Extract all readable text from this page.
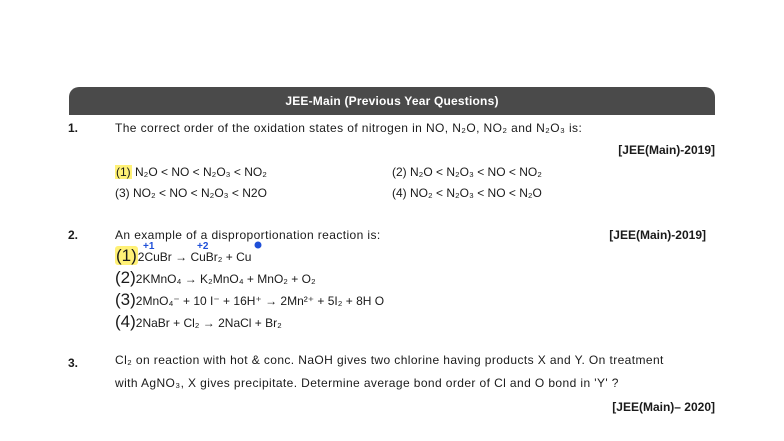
JEE-Main (Previous Year Questions)
1.	The correct order of the oxidation states of nitrogen in NO, N₂O, NO₂ and N₂O₃ is:
[JEE(Main)-2019]
(1) N₂O < NO < N₂O₃ < NO₂	(2) N₂O < N₂O₃ < NO < NO₂
(3) NO₂ < NO < N₂O₃ < N2O	(4) NO₂ < N₂O₃ < NO < N₂O
2.	An example of a disproportionation reaction is:	[JEE(Main)-2019]
+1	+2
(1)2CuBr → CuBr₂ + Cu
(2)2KMnO₄ → K₂MnO₄ + MnO₂ + O₂
(3)2MnO₄⁻ + 10 I⁻ + 16H⁺ → 2Mn²⁺ + 5I₂ + 8H O
(4)2NaBr + Cl₂ → 2NaCl + Br₂
3.	Cl₂ on reaction with hot & conc. NaOH gives two chlorine having products X and Y. On treatment
with AgNO₃, X gives precipitate. Determine average bond order of Cl and O bond in 'Y' ?
[JEE(Main)– 2020]
